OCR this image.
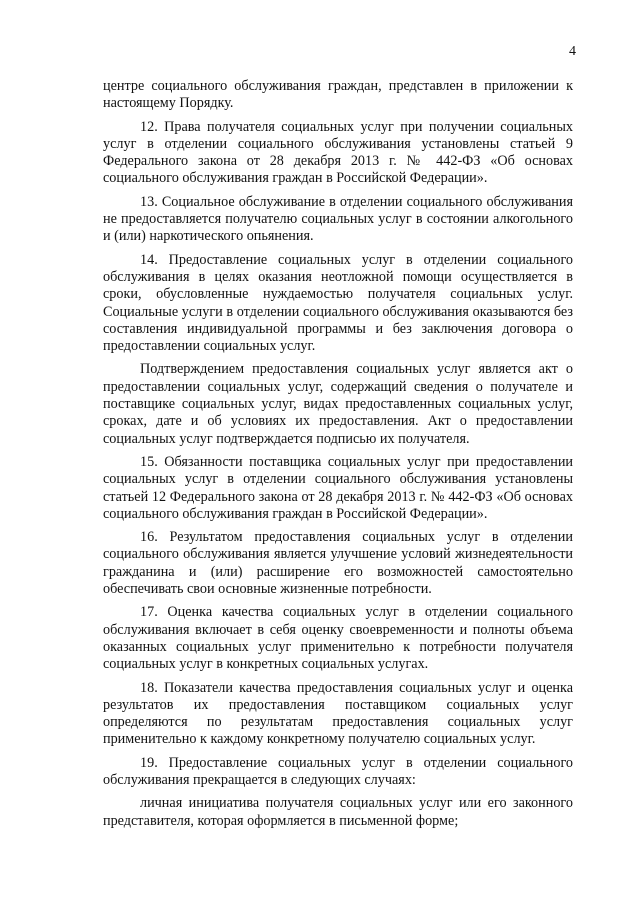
4

центре социального обслуживания граждан, представлен в приложении к настоящему Порядку.

12. Права получателя социальных услуг при получении социальных услуг в отделении социального обслуживания установлены статьей 9 Федерального закона от 28 декабря 2013 г. № 442-ФЗ «Об основах социального обслуживания граждан в Российской Федерации».

13. Социальное обслуживание в отделении социального обслуживания не предоставляется получателю социальных услуг в состоянии алкогольного и (или) наркотического опьянения.

14. Предоставление социальных услуг в отделении социального обслуживания в целях оказания неотложной помощи осуществляется в сроки, обусловленные нуждаемостью получателя социальных услуг. Социальные услуги в отделении социального обслуживания оказываются без составления индивидуальной программы и без заключения договора о предоставлении социальных услуг.

Подтверждением предоставления социальных услуг является акт о предоставлении социальных услуг, содержащий сведения о получателе и поставщике социальных услуг, видах предоставленных социальных услуг, сроках, дате и об условиях их предоставления. Акт о предоставлении социальных услуг подтверждается подписью их получателя.

15. Обязанности поставщика социальных услуг при предоставлении социальных услуг в отделении социального обслуживания установлены статьей 12 Федерального закона от 28 декабря 2013 г. № 442-ФЗ «Об основах социального обслуживания граждан в Российской Федерации».

16. Результатом предоставления социальных услуг в отделении социального обслуживания является улучшение условий жизнедеятельности гражданина и (или) расширение его возможностей самостоятельно обеспечивать свои основные жизненные потребности.

17. Оценка качества социальных услуг в отделении социального обслуживания включает в себя оценку своевременности и полноты объема оказанных социальных услуг применительно к потребности получателя социальных услуг в конкретных социальных услугах.

18. Показатели качества предоставления социальных услуг и оценка результатов их предоставления поставщиком социальных услуг определяются по результатам предоставления социальных услуг применительно к каждому конкретному получателю социальных услуг.

19. Предоставление социальных услуг в отделении социального обслуживания прекращается в следующих случаях:

личная инициатива получателя социальных услуг или его законного представителя, которая оформляется в письменной форме;
